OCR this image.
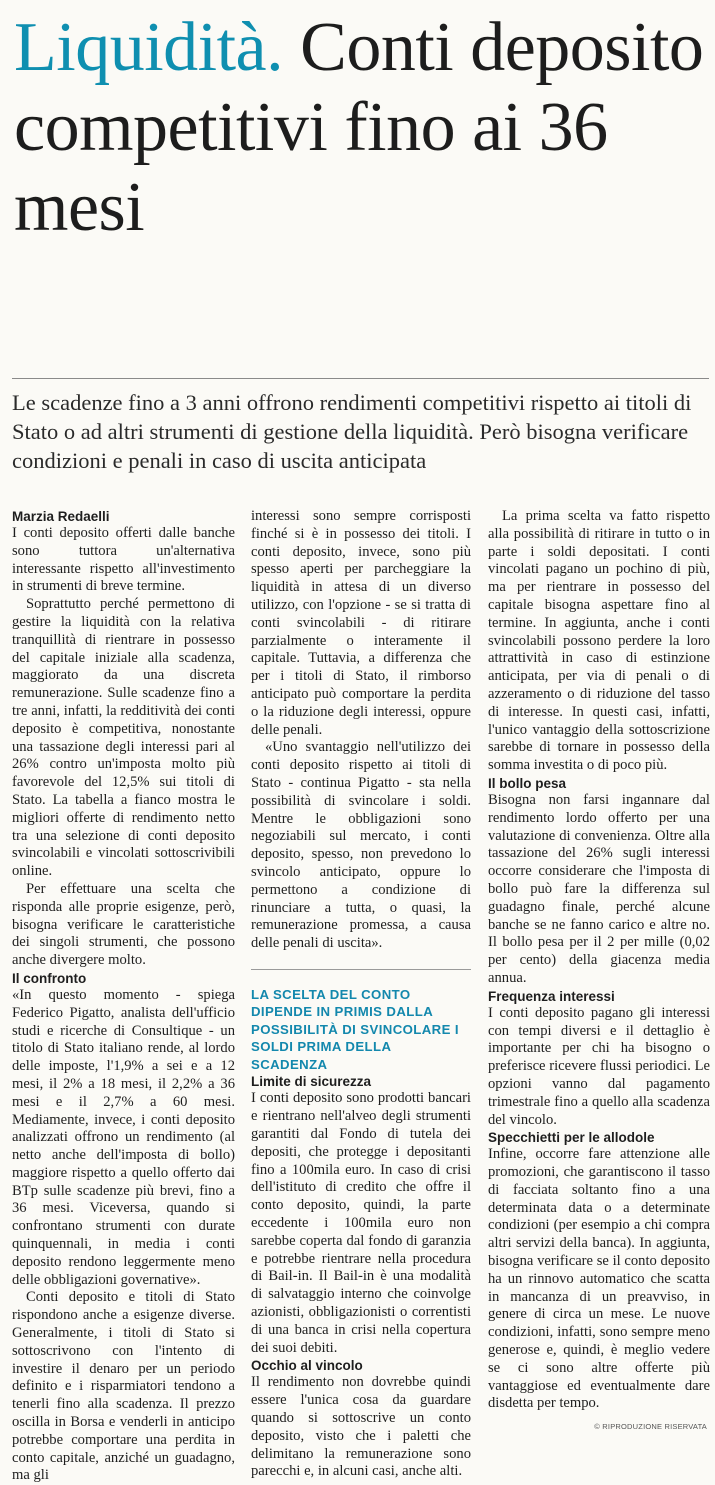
Liquidità. Conti deposito competitivi fino ai 36 mesi

Le scadenze fino a 3 anni offrono rendimenti competitivi rispetto ai titoli di Stato o ad altri strumenti di gestione della liquidità. Però bisogna verificare condizioni e penali in caso di uscita anticipata

Marzia Redaelli

I conti deposito offerti dalle banche sono tuttora un'alternativa interessante rispetto all'investimento in strumenti di breve termine.

Soprattutto perché permettono di gestire la liquidità con la relativa tranquillità di rientrare in possesso del capitale iniziale alla scadenza, maggiorato da una discreta remunerazione. Sulle scadenze fino a tre anni, infatti, la redditività dei conti deposito è competitiva, nonostante una tassazione degli interessi pari al 26% contro un'imposta molto più favorevole del 12,5% sui titoli di Stato. La tabella a fianco mostra le migliori offerte di rendimento netto tra una selezione di conti deposito svincolabili e vincolati sottoscrivibili online.

Per effettuare una scelta che risponda alle proprie esigenze, però, bisogna verificare le caratteristiche dei singoli strumenti, che possono anche divergere molto.

Il confronto

«In questo momento - spiega Federico Pigatto, analista dell'ufficio studi e ricerche di Consultique - un titolo di Stato italiano rende, al lordo delle imposte, l'1,9% a sei e a 12 mesi, il 2% a 18 mesi, il 2,2% a 36 mesi e il 2,7% a 60 mesi. Mediamente, invece, i conti deposito analizzati offrono un rendimento (al netto anche dell'imposta di bollo) maggiore rispetto a quello offerto dai BTp sulle scadenze più brevi, fino a 36 mesi. Viceversa, quando si confrontano strumenti con durate quinquennali, in media i conti deposito rendono leggermente meno delle obbligazioni governative».

Conti deposito e titoli di Stato rispondono anche a esigenze diverse. Generalmente, i titoli di Stato si sottoscrivono con l'intento di investire il denaro per un periodo definito e i risparmiatori tendono a tenerli fino alla scadenza. Il prezzo oscilla in Borsa e venderli in anticipo potrebbe comportare una perdita in conto capitale, anziché un guadagno, ma gli

interessi sono sempre corrisposti finché si è in possesso dei titoli. I conti deposito, invece, sono più spesso aperti per parcheggiare la liquidità in attesa di un diverso utilizzo, con l'opzione - se si tratta di conti svincolabili - di ritirare parzialmente o interamente il capitale. Tuttavia, a differenza che per i titoli di Stato, il rimborso anticipato può comportare la perdita o la riduzione degli interessi, oppure delle penali.

«Uno svantaggio nell'utilizzo dei conti deposito rispetto ai titoli di Stato - continua Pigatto - sta nella possibilità di svincolare i soldi. Mentre le obbligazioni sono negoziabili sul mercato, i conti deposito, spesso, non prevedono lo svincolo anticipato, oppure lo permettono a condizione di rinunciare a tutta, o quasi, la remunerazione promessa, a causa delle penali di uscita».

LA SCELTA DEL CONTO DIPENDE IN PRIMIS DALLA POSSIBILITÀ DI SVINCOLARE I SOLDI PRIMA DELLA SCADENZA

Limite di sicurezza

I conti deposito sono prodotti bancari e rientrano nell'alveo degli strumenti garantiti dal Fondo di tutela dei depositi, che protegge i depositanti fino a 100mila euro. In caso di crisi dell'istituto di credito che offre il conto deposito, quindi, la parte eccedente i 100mila euro non sarebbe coperta dal fondo di garanzia e potrebbe rientrare nella procedura di Bail-in. Il Bail-in è una modalità di salvataggio interno che coinvolge azionisti, obbligazionisti o correntisti di una banca in crisi nella copertura dei suoi debiti.

Occhio al vincolo

Il rendimento non dovrebbe quindi essere l'unica cosa da guardare quando si sottoscrive un conto deposito, visto che i paletti che delimitano la remunerazione sono parecchi e, in alcuni casi, anche alti.

La prima scelta va fatto rispetto alla possibilità di ritirare in tutto o in parte i soldi depositati. I conti vincolati pagano un pochino di più, ma per rientrare in possesso del capitale bisogna aspettare fino al termine. In aggiunta, anche i conti svincolabili possono perdere la loro attrattività in caso di estinzione anticipata, per via di penali o di azzeramento o di riduzione del tasso di interesse. In questi casi, infatti, l'unico vantaggio della sottoscrizione sarebbe di tornare in possesso della somma investita o di poco più.

Il bollo pesa

Bisogna non farsi ingannare dal rendimento lordo offerto per una valutazione di convenienza. Oltre alla tassazione del 26% sugli interessi occorre considerare che l'imposta di bollo può fare la differenza sul guadagno finale, perché alcune banche se ne fanno carico e altre no. Il bollo pesa per il 2 per mille (0,02 per cento) della giacenza media annua.

Frequenza interessi

I conti deposito pagano gli interessi con tempi diversi e il dettaglio è importante per chi ha bisogno o preferisce ricevere flussi periodici. Le opzioni vanno dal pagamento trimestrale fino a quello alla scadenza del vincolo.

Specchietti per le allodole

Infine, occorre fare attenzione alle promozioni, che garantiscono il tasso di facciata soltanto fino a una determinata data o a determinate condizioni (per esempio a chi compra altri servizi della banca). In aggiunta, bisogna verificare se il conto deposito ha un rinnovo automatico che scatta in mancanza di un preavviso, in genere di circa un mese. Le nuove condizioni, infatti, sono sempre meno generose e, quindi, è meglio vedere se ci sono altre offerte più vantaggiose ed eventualmente dare disdetta per tempo.

© RIPRODUZIONE RISERVATA
